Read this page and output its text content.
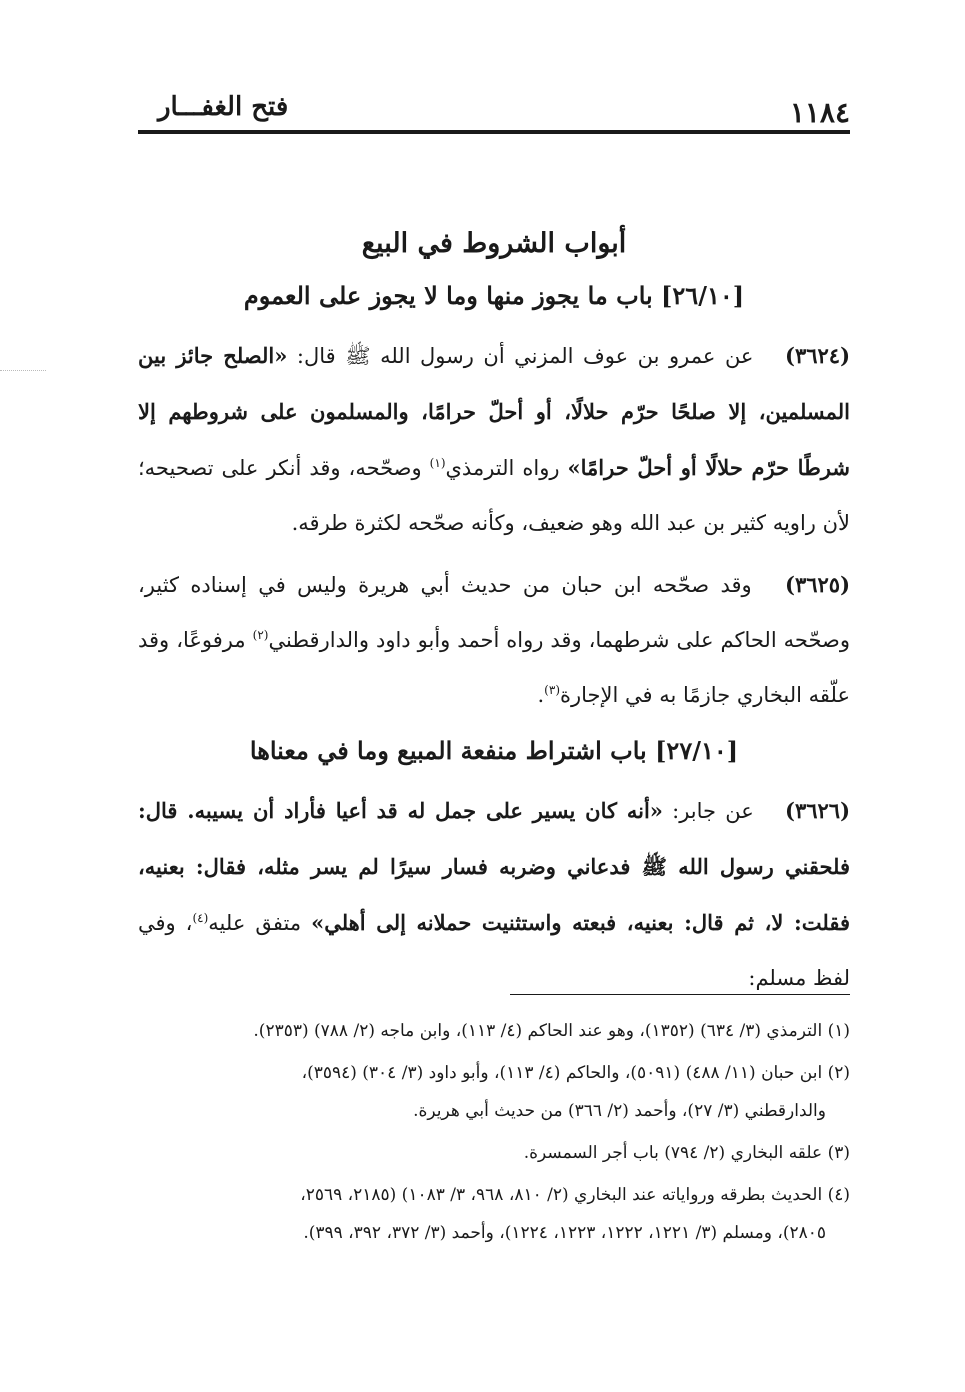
١١٨٤
فتح الغفـــار
أبواب الشروط في البيع
[٢٦/١٠] باب ما يجوز منها وما لا يجوز على العموم

(٣٦٢٤) عن عمرو بن عوف المزني أن رسول الله ﷺ قال: «الصلح جائز بين المسلمين، إلا صلحًا حرّم حلالًا، أو أحلّ حرامًا، والمسلمون على شروطهم إلا شرطًا حرّم حلالًا أو أحلّ حرامًا» رواه الترمذي$^{(١)}$ وصحّحه، وقد أنكر على تصحيحه؛ لأن راويه كثير بن عبد الله وهو ضعيف، وكأنه صحّحه لكثرة طرقه.

(٣٦٢٥) وقد صحّحه ابن حبان من حديث أبي هريرة وليس في إسناده كثير، وصحّحه الحاكم على شرطهما، وقد رواه أحمد وأبو داود والدارقطني$^{(٢)}$ مرفوعًا، وقد علّقه البخاري جازمًا به في الإجارة$^{(٣)}$.

[٢٧/١٠] باب اشتراط منفعة المبيع وما في معناها

(٣٦٢٦) عن جابر: «أنه كان يسير على جمل له قد أعيا فأراد أن يسيبه. قال: فلحقني رسول الله ﷺ فدعاني وضربه فسار سيرًا لم يسر مثله، فقال: بعنيه، فقلت: لا، ثم قال: بعنيه، فبعته واستثنيت حملانه إلى أهلي» متفق عليه$^{(٤)}$، وفي لفظ مسلم:

(١) الترمذي (٣/ ٦٣٤) (١٣٥٢)، وهو عند الحاكم (٤/ ١١٣)، وابن ماجه (٢/ ٧٨٨) (٢٣٥٣).

(٢) ابن حبان (١١/ ٤٨٨) (٥٠٩١)، والحاكم (٤/ ١١٣)، وأبو داود (٣/ ٣٠٤) (٣٥٩٤)،
والدارقطني (٣/ ٢٧)، وأحمد (٢/ ٣٦٦) من حديث أبي هريرة.

(٣) علقه البخاري (٢/ ٧٩٤) باب أجر السمسرة.

(٤) الحديث بطرقه ورواياته عند البخاري (٢/ ٨١٠، ٩٦٨، ٣/ ١٠٨٣) (٢١٨٥، ٢٥٦٩،
٢٨٠٥)، ومسلم (٣/ ١٢٢١، ١٢٢٢، ١٢٢٣، ١٢٢٤)، وأحمد (٣/ ٣٧٢، ٣٩٢، ٣٩٩).
